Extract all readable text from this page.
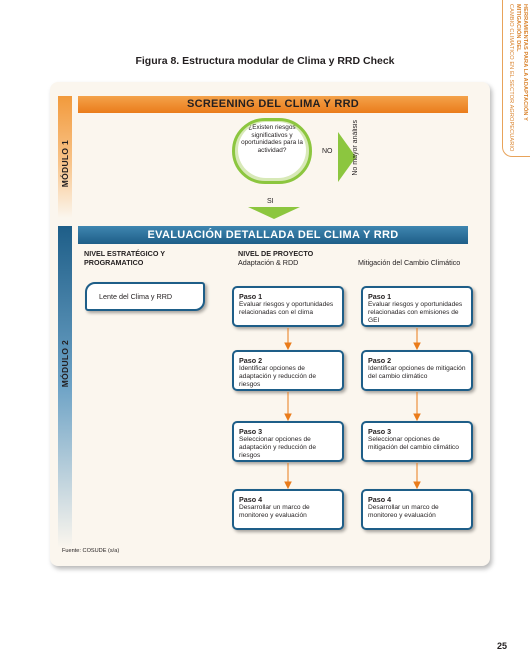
HERRAMIENTAS PARA LA ADAPTACIÓN Y MITIGACIÓN DEL
CAMBIO CLIMÁTICO EN EL SECTOR AGROPECUARIO
Figura 8. Estructura modular de Clima y RRD Check
MÓDULO 1
MÓDULO 2
SCREENING DEL CLIMA Y RRD
¿Existen riesgos significativos y oportunidades para la actividad?	NO	No mayor análisis
SI
EVALUACIÓN DETALLADA DEL CLIMA Y RRD
NIVEL ESTRATÉGICO Y
PROGRAMATICO
NIVEL DE PROYECTO
Adaptación & RDD	Mitigación del Cambio Climático
Lente del Clima y RRD	Paso 1
Evaluar riesgos y oportunidades relacionadas con el clima
Paso 2
Identificar opciones de adaptación y reducción de riesgos
Paso 3
Seleccionar opciones de adaptación y reducción de riesgos
Paso 4
Desarrollar un marco de monitoreo y evaluación
Paso 1
Evaluar riesgos y oportunidades relacionadas con emisiones de GEI
Paso 2
Identificar opciones de mitigación del cambio climático
Paso 3
Seleccionar opciones de mitigación del cambio climático
Paso 4
Desarrollar un marco de monitoreo y evaluación
Fuente: COSUDE (s/a)
25
